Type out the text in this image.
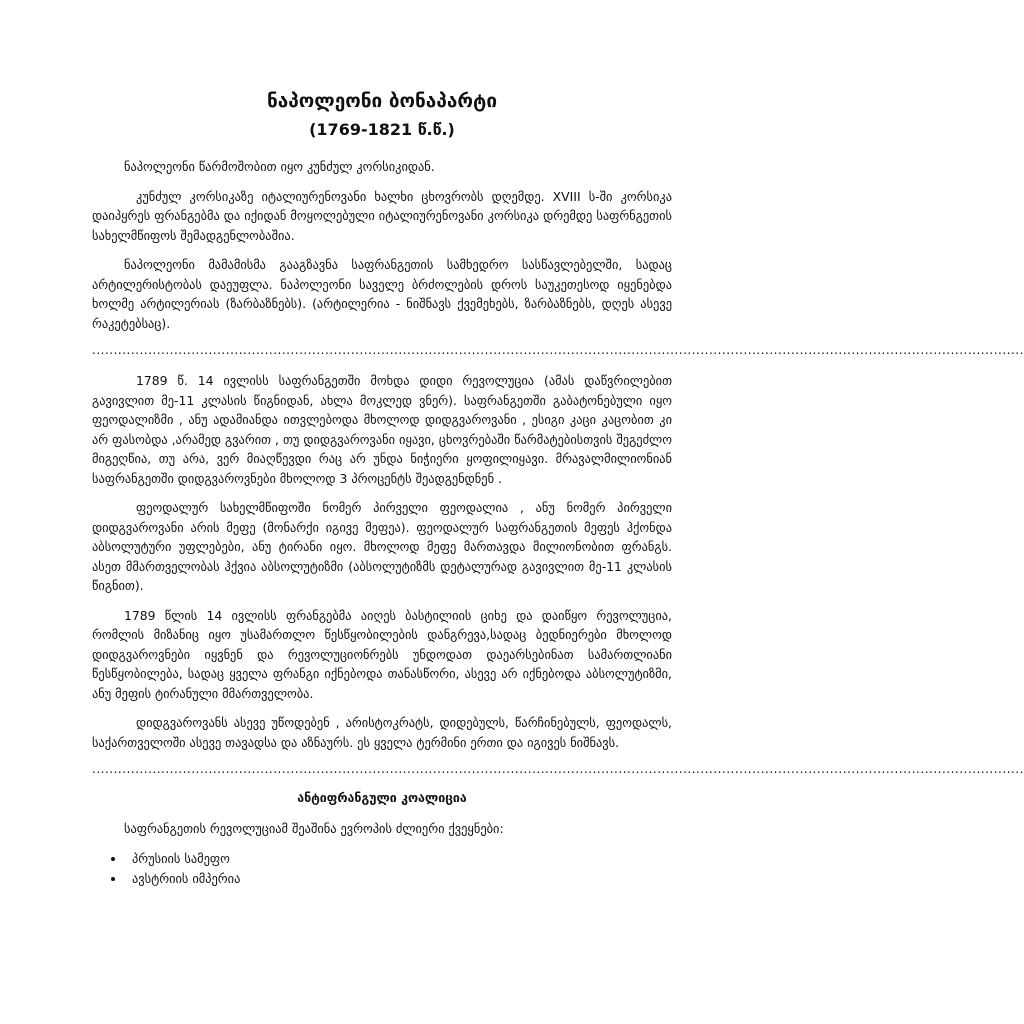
ნაპოლეონი ბონაპარტი
(1769-1821 წ.წ.)

ნაპოლეონი წარმოშობით იყო კუნძულ კორსიკიდან.

კუნძულ კორსიკაზე იტალიურენოვანი ხალხი ცხოვრობს დღემდე. XVIII ს-ში კორსიკა დაიპყრეს ფრანგებმა და იქიდან მოყოლებული იტალიურენოვანი კორსიკა დრემდე საფრნგეთის სახელმწიფოს შემადგენლობაშია.

ნაპოლეონი მამამისმა გააგზავნა საფრანგეთის სამხედრო სასწავლებელში, სადაც არტილერისტობას დაეუფლა. ნაპოლეონი საველე ბრძოლების დროს საუკეთესოდ იყენებდა ხოლმე არტილერიას (ზარბაზნებს). (არტილერია - ნიშნავს ქვემეხებს, ზარბაზნებს, დღეს ასევე რაკეტებსაც).

........................................................................................................................................................................................................................

1789 წ. 14 ივლისს საფრანგეთში მოხდა დიდი რევოლუცია (ამას დაწვრილებით გავივლით მე-11 კლასის წიგნიდან, ახლა მოკლედ ვნერ). საფრანგეთში გაბატონებული იყო ფეოდალიზმი , ანუ ადამიანდა ითვლებოდა მხოლოდ დიდგვაროვანი , ესიგი კაცი კაცობით კი არ ფასობდა ,არამედ გვარით , თუ დიდგვაროვანი იყავი, ცხოვრებაში წარმატებისთვის შეგეძლო მიგეღწია, თუ არა, ვერ მიაღწევდი რაც არ უნდა ნიჭიერი ყოფილიყავი. მრავალმილიონიან საფრანგეთში დიდგვაროვნები მხოლოდ 3 პროცენტს შეადგენდნენ .

ფეოდალურ სახელმწიფოში ნომერ პირველი ფეოდალია , ანუ ნომერ პირველი დიდგვაროვანი არის მეფე (მონარქი იგივე მეფეა). ფეოდალურ საფრანგეთის მეფეს ჰქონდა აბსოლუტური უფლებები, ანუ ტირანი იყო. მხოლოდ მეფე მართავდა მილიონობით ფრანგს. ასეთ მმართველობას ჰქვია აბსოლუტიზმი (აბსოლუტიზმს დეტალურად გავივლით მე-11 კლასის წიგნით).

1789 წლის 14 ივლისს ფრანგებმა აიღეს ბასტილიის ციხე და დაიწყო რევოლუცია, რომლის მიზანიც იყო უსამართლო წესწყობილების დანგრევა,სადაც ბედნიერები მხოლოდ დიდგვაროვნები იყვნენ და რევოლუციონრებს უნდოდათ დაეარსებინათ სამართლიანი წესწყობილება, სადაც ყველა ფრანგი იქნებოდა თანასწორი, ასევე არ იქნებოდა აბსოლუტიზმი, ანუ მეფის ტირანული მმართველობა.

დიდგვაროვანს ასევე უწოდებენ , არისტოკრატს, დიდებულს, წარჩინებულს, ფეოდალს, საქართველოში ასევე თავადსა და აზნაურს. ეს ყველა ტერმინი ერთი და იგივეს ნიშნავს.

........................................................................................................................................................................................................................
ანტიფრანგული კოალიცია

საფრანგეთის რევოლუციამ შეაშინა ევროპის ძლიერი ქვეყნები:

• პრუსიის სამეფო
• ავსტრიის იმპერია
